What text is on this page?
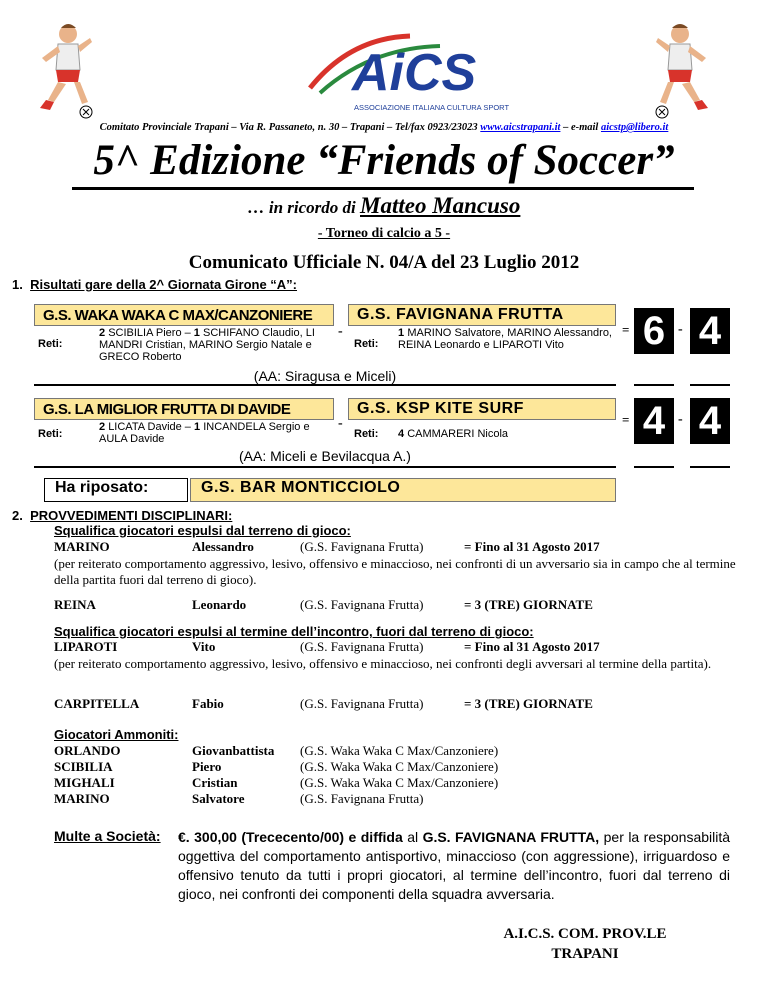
AiCS
ASSOCIAZIONE ITALIANA CULTURA SPORT
Comitato Provinciale Trapani – Via R. Passaneto, n. 30 – Trapani – Tel/fax 0923/23023 www.aicstrapani.it – e-mail aicstp@libero.it
5^ Edizione “Friends of Soccer”
… in ricordo di Matteo Mancuso
- Torneo di calcio a 5 -
Comunicato Ufficiale N. 04/A del 23 Luglio 2012
1. Risultati gare della 2^ Giornata Girone “A”:
G.S. WAKA WAKA C MAX/CANZONIERE	G.S. FAVIGNANA FRUTTA
Reti:
2 SCIBILIA Piero – 1 SCHIFANO Claudio, LI MANDRI Cristian, MARINO Sergio Natale e GRECO Roberto
-
Reti:
1 MARINO Salvatore, MARINO Alessandro, REINA Leonardo e LIPAROTI Vito
= 6 - 4
(AA: Siragusa e Miceli)
G.S. LA MIGLIOR FRUTTA DI DAVIDE	G.S. KSP KITE SURF
Reti:
2 LICATA Davide – 1 INCANDELA Sergio e AULA Davide
-
Reti: 4 CAMMARERI Nicola
= 4 - 4
(AA: Miceli e Bevilacqua A.)
Ha riposato:	G.S. BAR MONTICCIOLO
2. PROVVEDIMENTI DISCIPLINARI:
Squalifica giocatori espulsi dal terreno di gioco:
MARINO	Alessandro	(G.S. Favignana Frutta)	= Fino al 31 Agosto 2017
(per reiterato comportamento aggressivo, lesivo, offensivo e minaccioso, nei confronti di un avversario sia in campo che al termine della partita fuori dal terreno di gioco).
REINA	Leonardo	(G.S. Favignana Frutta)	= 3 (TRE) GIORNATE
Squalifica giocatori espulsi al termine dell’incontro, fuori dal terreno di gioco:
LIPAROTI	Vito	(G.S. Favignana Frutta)	= Fino al 31 Agosto 2017
(per reiterato comportamento aggressivo, lesivo, offensivo e minaccioso, nei confronti degli avversari al termine della partita).
CARPITELLA	Fabio	(G.S. Favignana Frutta)	= 3 (TRE) GIORNATE
Giocatori Ammoniti:
ORLANDO	Giovanbattista (G.S. Waka Waka C Max/Canzoniere)
SCIBILIA	Piero	(G.S. Waka Waka C Max/Canzoniere)
MIGHALI	Cristian	(G.S. Waka Waka C Max/Canzoniere)
MARINO	Salvatore	(G.S. Favignana Frutta)
Multe a Società: €. 300,00 (Trececento/00) e diffida al G.S. FAVIGNANA FRUTTA, per la responsabilità oggettiva del comportamento antisportivo, minaccioso (con aggressione), irriguardoso e offensivo tenuto da tutti i propri giocatori, al termine dell’incontro, fuori dal terreno di gioco, nei confronti dei componenti della squadra avversaria.
A.I.C.S. COM. PROV.LE
TRAPANI
